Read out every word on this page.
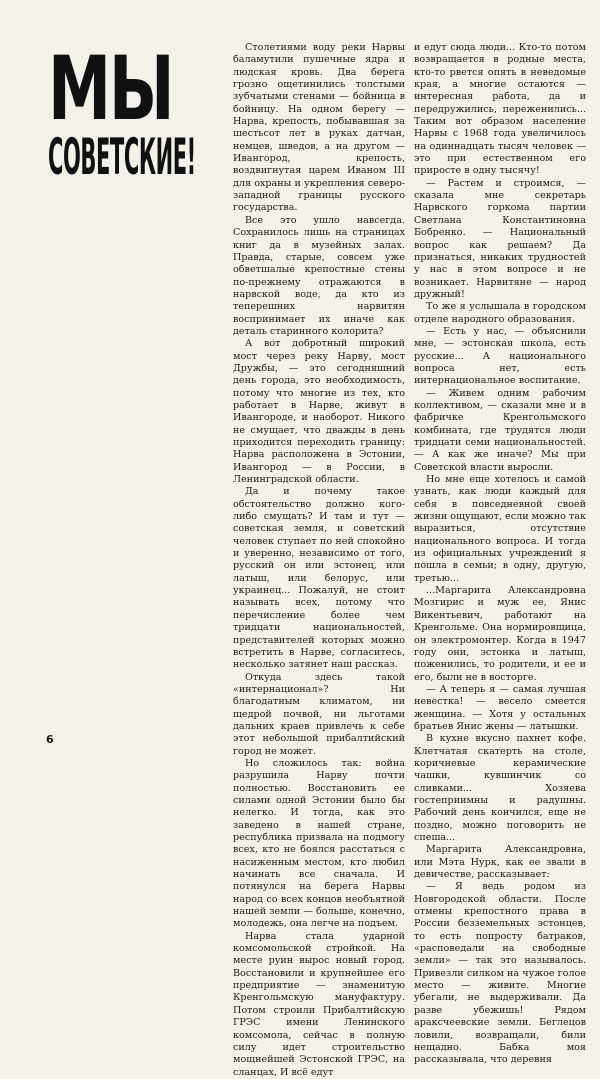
МЫ
СОВЕТСКИЕ!

Столетиями воду реки Нарвы баламутили пушечные ядра и людская кровь. Два берега грозно ощетинились толстыми зубчатыми стенами — бойница в бойницу. На одном берегу — Нарва, крепость, побывавшая за шестьсот лет в руках датчан, немцев, шведов, а на другом — Ивангород, крепость, воздвигнутая царем Иваном III для охраны и укрепления северо-западной границы русского государства.

Все это ушло навсегда. Сохранилось лишь на страницах книг да в музейных залах. Правда, старые, совсем уже обветшалые крепостные стены по-прежнему отражаются в нарвской воде, да кто из теперешних нарвитян воспринимает их иначе как деталь старинного колорита?

А вот добротный широкий мост через реку Нарву, мост Дружбы, — это сегодняшний день города, это необходимость, потому что многие из тех, кто работает в Нарве, живут в Ивангороде, и наоборот. Никого не смущает, что дважды в день приходится переходить границу: Нарва расположена в Эстонии, Ивангород — в России, в Ленинградской области.

Да и почему такое обстоятельство должно кого-либо смущать? И там и тут — советская земля, и советский человек ступает по ней спокойно и уверенно, независимо от того, русский он или эстонец, или латыш, или белорус, или украинец... Пожалуй, не стоит называть всех, потому что перечисление более чем тридцати национальностей, представителей которых можно встретить в Нарве, согласитесь, несколько затянет наш рассказ.

Откуда здесь такой «интернационал»? Ни благодатным климатом, ни щедрой почвой, ни льготами дальних краев привлечь к себе этот небольшой прибалтийский город не может.

Но сложилось так: война разрушила Нарву почти полностью. Восстановить ее силами одной Эстонии было бы нелегко. И тогда, как это заведено в нашей стране, республика призвала на подмогу всех, кто не боялся расстаться с насиженным местом, кто любил начинать все сначала. И потянулся на берега Нарвы народ со всех концов необъятной нашей земли — больше, конечно, молодежь, она легче на подъем.

Нарва стала ударной комсомольской стройкой. На месте руин вырос новый город. Восстановили и крупнейшее его предприятие — знаменитую Кренгольмскую мануфактуру. Потом строили Прибалтийскую ГРЭС имени Ленинского комсомола, сейчас в полную силу идет строительство мощнейшей Эстонской ГРЭС, на сланцах, И всё едут

и едут сюда люди... Кто-то потом возвращается в родные места, кто-то рвется опять в неведомые края, а многие остаются — интересная работа, да и передружились, переженились... Таким вот образом население Нарвы с 1968 года увеличилось на одиннадцать тысяч человек — это при естественном его приросте в одну тысячу!

— Растем и строимся, — сказала мне секретарь Нарвского горкома партии Светлана Константиновна Бобренко. — Национальный вопрос как решаем? Да признаться, никаких трудностей у нас в этом вопросе и не возникает. Нарвитяне — народ дружный!

То же я услышала в городском отделе народного образования.

— Есть у нас, — объяснили мне, — эстонская школа, есть русские... А национального вопроса нет, есть интернациональное воспитание.

— Живем одним рабочим коллективом, — сказали мне и в фабричке Кренгольмского комбината, где трудятся люди тридцати семи национальностей. — А как же иначе? Мы при Советской власти выросли.

Но мне еще хотелось и самой узнать, как люди каждый для себя в повседневной своей жизни ощущают, если можно так выразиться, отсутствие национального вопроса. И тогда из официальных учреждений я пошла в семьи; в одну, другую, третью...

...Маргарита Александровна Мозгирис и муж ее, Янис Викентьевич, работают на Кренгольме. Она нормировщица, он электромонтер. Когда в 1947 году они, эстонка и латыш, поженились, то родители, и ее и его, были не в восторге.

— А теперь я — самая лучшая невестка! — весело смеется женщина. — Хотя у остальных братьев Янис жены — латышки.

В кухне вкусно пахнет кофе. Клетчатая скатерть на столе, коричневые керамические чашки, кувшинчик со сливками... Хозяева гостеприимны и радушны. Рабочий день кончился, еще не поздно, можно поговорить не спеша...

Маргарита Александровна, или Мэта Нурк, как ее звали в девичестве, рассказывает:

— Я ведь родом из Новгородской области. После отмены крепостного права в России безземельных эстонцев, то есть попросту батраков, «расповедали на свободные земли» — так это называлось. Привезли силком на чужое голое место — живите. Многие убегали, не выдерживали. Да разве убежишь! Рядом араксчеевские земли. Беглецов ловили, возвращали, били нещадно. Бабка моя рассказывала, что деревня

6
